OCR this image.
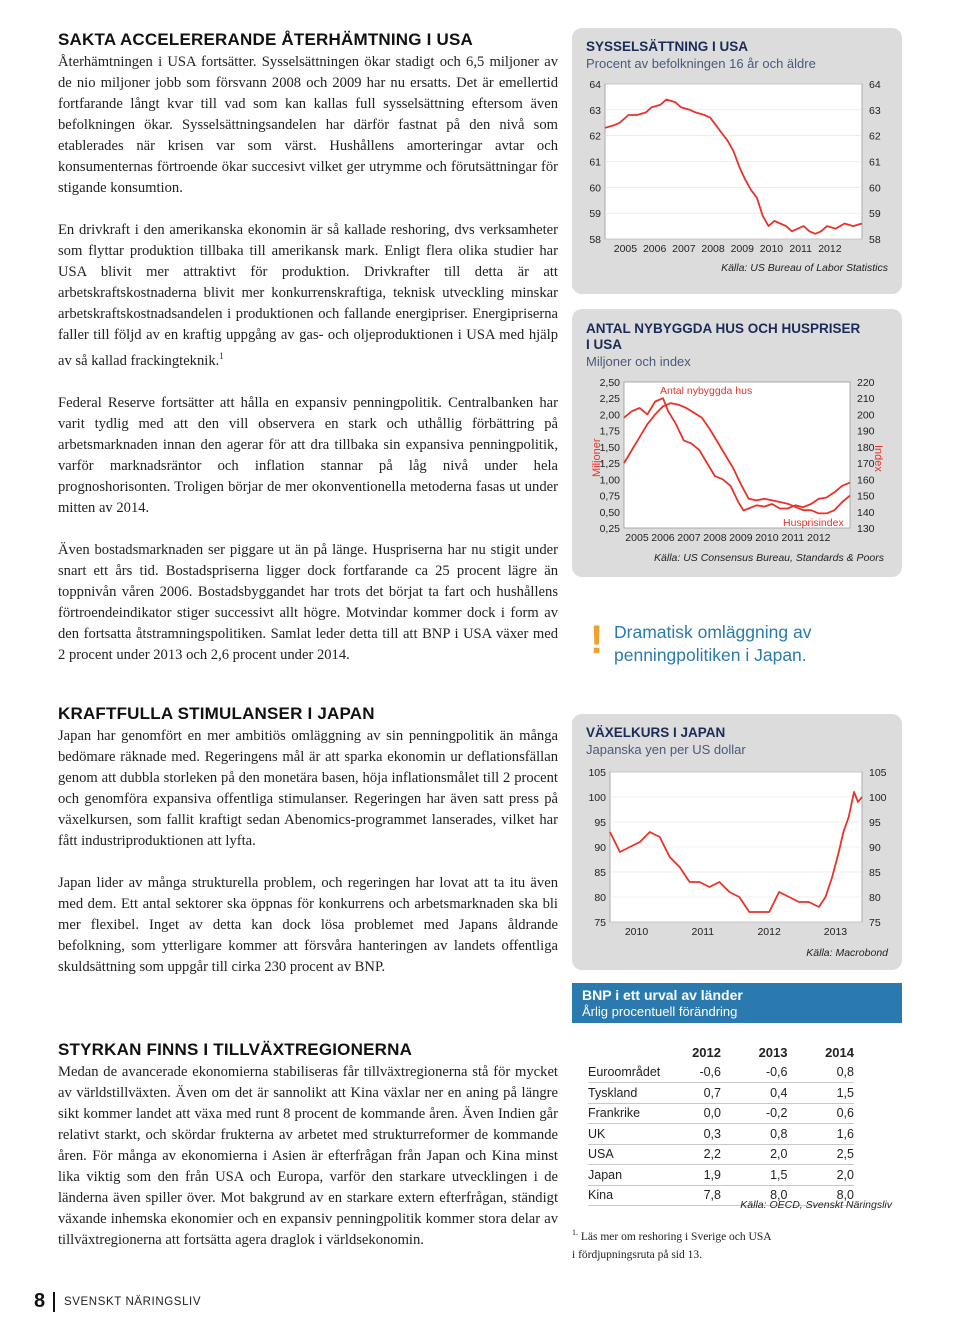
SAKTA ACCELERERANDE ÅTERHÄMTNING I USA

Återhämtningen i USA fortsätter. Sysselsättningen ökar stadigt och 6,5 miljoner av de nio miljoner jobb som försvann 2008 och 2009 har nu ersatts. Det är emellertid fortfarande långt kvar till vad som kan kallas full sysselsättning eftersom även befolkningen ökar. Sysselsättningsandelen har därför fastnat på den nivå som etablerades när krisen var som värst. Hushållens amorteringar avtar och konsumenternas förtroende ökar succesivt vilket ger utrymme och förutsättningar för stigande konsumtion.

En drivkraft i den amerikanska ekonomin är så kallade reshoring, dvs verksamheter som flyttar produktion tillbaka till amerikansk mark. Enligt flera olika studier har USA blivit mer attraktivt för produktion. Drivkrafter till detta är att arbetskraftskostnaderna blivit mer konkurrenskraftiga, teknisk utveckling minskar arbetskraftskostnadsandelen i produktionen och fallande energipriser. Energipriserna faller till följd av en kraftig uppgång av gas- och oljeproduktionen i USA med hjälp av så kallad frackingteknik.$^1$

Federal Reserve fortsätter att hålla en expansiv penningpolitik. Centralbanken har varit tydlig med att den vill observera en stark och uthållig förbättring på arbetsmarknaden innan den agerar för att dra tillbaka sin expansiva penningpolitik, varför marknadsräntor och inflation stannar på låg nivå under hela prognoshorisonten. Troligen börjar de mer okonventionella metoderna fasas ut under mitten av 2014.

Även bostadsmarknaden ser piggare ut än på länge. Huspriserna har nu stigit under snart ett års tid. Bostadspriserna ligger dock fortfarande ca 25 procent lägre än toppnivån våren 2006. Bostadsbyggandet har trots det börjat ta fart och hushållens förtroendeindikator stiger successivt allt högre. Motvindar kommer dock i form av den fortsatta åtstramningspolitiken. Samlat leder detta till att BNP i USA växer med 2 procent under 2013 och 2,6 procent under 2014.

KRAFTFULLA STIMULANSER I JAPAN

Japan har genomfört en mer ambitiös omläggning av sin penningpolitik än många bedömare räknade med. Regeringens mål är att sparka ekonomin ur deflationsfällan genom att dubbla storleken på den monetära basen, höja inflationsmålet till 2 procent och genomföra expansiva offentliga stimulanser. Regeringen har även satt press på växelkursen, som fallit kraftigt sedan Abenomics-programmet lanserades, vilket har fått industriproduktionen att lyfta.

Japan lider av många strukturella problem, och regeringen har lovat att ta itu även med dem. Ett antal sektorer ska öppnas för konkurrens och arbetsmarknaden ska bli mer flexibel. Inget av detta kan dock lösa problemet med Japans åldrande befolkning, som ytterligare kommer att försvåra hanteringen av landets offentliga skuldsättning som uppgår till cirka 230 procent av BNP.

STYRKAN FINNS I TILLVÄXTREGIONERNA

Medan de avancerade ekonomierna stabiliseras får tillväxtregionerna stå för mycket av världstillväxten. Även om det är sannolikt att Kina växlar ner en aning på längre sikt kommer landet att växa med runt 8 procent de kommande åren. Även Indien går relativt starkt, och skördar frukterna av arbetet med strukturreformer de kommande åren. För många av ekonomierna i Asien är efterfrågan från Japan och Kina minst lika viktig som den från USA och Europa, varför den starkare utvecklingen i de länderna även spiller över. Mot bakgrund av en starkare extern efterfrågan, ständigt växande inhemska ekonomier och en expansiv penningpolitik kommer stora delar av tillväxtregionerna att fortsätta agera draglok i världsekonomin.

8 SVENSKT NÄRINGSLIV
SYSSELSÄTTNING I USA
Procent av befolkningen 16 år och äldre
64	64
63	63
62	62
61	61
60	60
59	59
58	58
2005 2006 2007 2008 2009 2010 2011 2012
Källa: US Bureau of Labor Statistics
ANTAL NYBYGGDA HUS OCH HUSPRISER
I USA
Miljoner och index
2,50
2,25
2,00
1,75
1,50
1,25
1,00
0,75
0,50
0,25
220
210
200
190
180
170
160
150
140
130
2005 2006 2007 2008 2009 2010 2011 2012
Antal nybyggda hus
Husprisindex
Miljoner	Index
Källa: US Consensus Bureau, Standards & Poors
! Dramatisk omläggning av
penningpolitiken i Japan.
VÄXELKURS I JAPAN
Japanska yen per US dollar
105	105
100	100
95	95
90	90
85	85
80	80
75	75
2010	2011	2012	2013
Källa: Macrobond
BNP i ett urval av länder
Årlig procentuell förändring
	2012	2013	2014
Euroområdet	-0,6	-0,6	0,8
Tyskland	0,7	0,4	1,5
Frankrike	0,0	-0,2	0,6
UK	0,3	0,8	1,6
USA	2,2	2,0	2,5
Japan	1,9	1,5	2,0
Kina	7,8	8,0	8,0
Källa: OECD, Svenskt Näringsliv
$^{1.}$ Läs mer om reshoring i Sverige och USA
i fördjupningsruta på sid 13.
